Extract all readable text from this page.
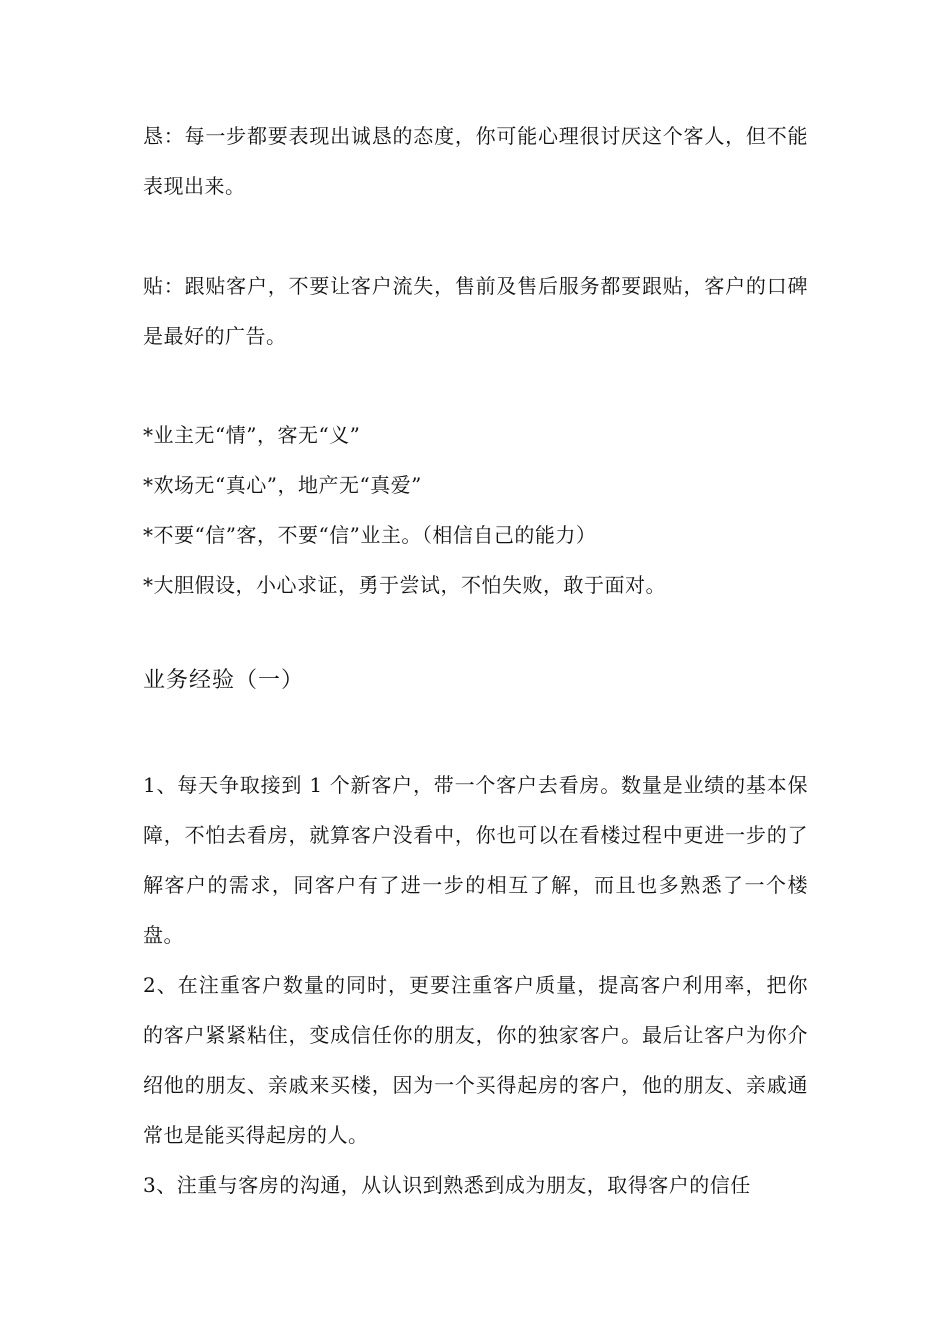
恳：每一步都要表现出诚恳的态度，你可能心理很讨厌这个客人，但不能表现出来。
贴：跟贴客户，不要让客户流失，售前及售后服务都要跟贴，客户的口碑是最好的广告。
*业主无“情”，客无“义”
*欢场无“真心”，地产无“真爱”
*不要“信”客，不要“信”业主。（相信自己的能力）
*大胆假设，小心求证，勇于尝试，不怕失败，敢于面对。
业务经验（一）
1、每天争取接到 1 个新客户，带一个客户去看房。数量是业绩的基本保障，不怕去看房，就算客户没看中，你也可以在看楼过程中更进一步的了解客户的需求，同客户有了进一步的相互了解，而且也多熟悉了一个楼盘。
2、在注重客户数量的同时，更要注重客户质量，提高客户利用率，把你的客户紧紧粘住，变成信任你的朋友，你的独家客户。最后让客户为你介绍他的朋友、亲戚来买楼，因为一个买得起房的客户，他的朋友、亲戚通常也是能买得起房的人。
3、注重与客房的沟通，从认识到熟悉到成为朋友，取得客户的信任
